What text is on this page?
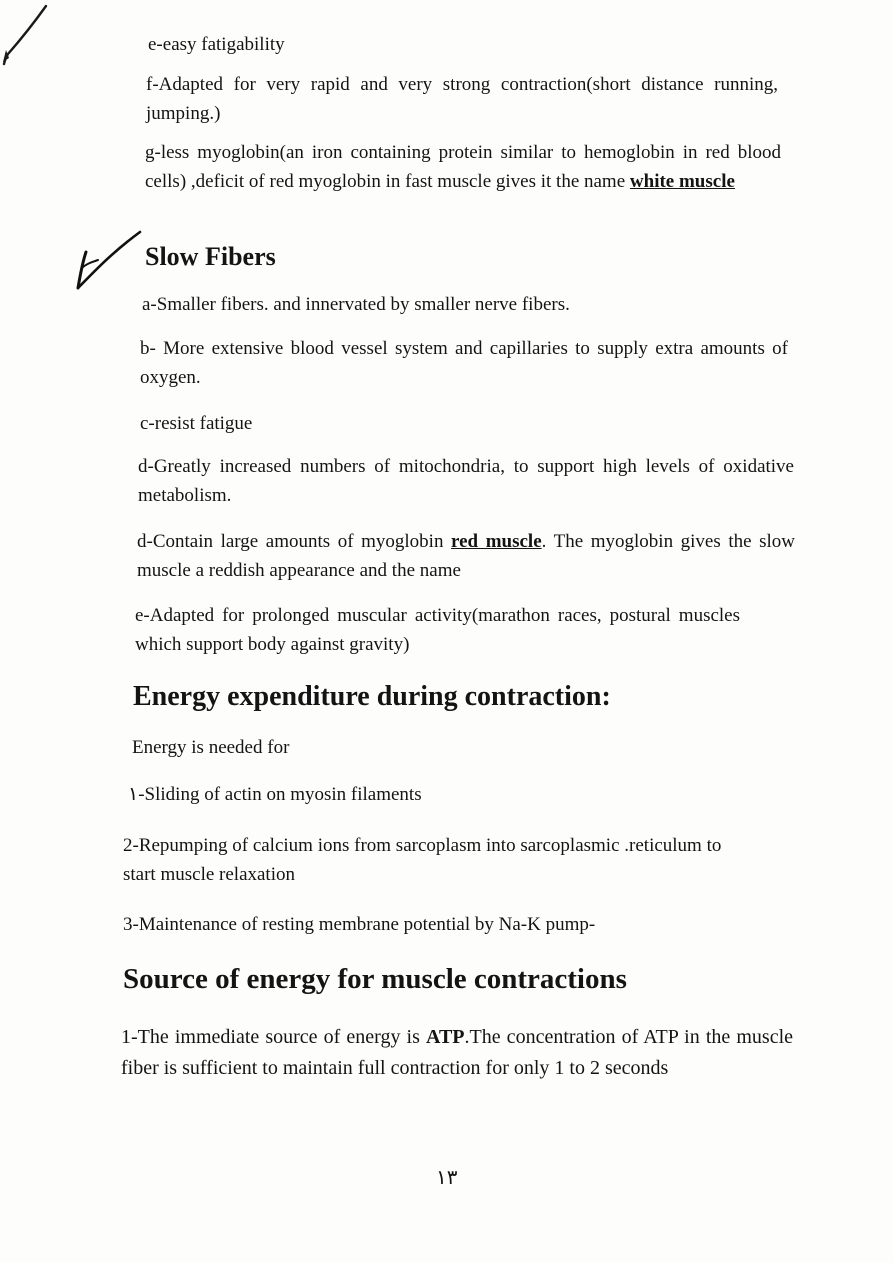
e-easy fatigability
f-Adapted for very rapid and very strong contraction(short distance running, jumping.)
g-less myoglobin(an iron containing protein similar to hemoglobin in red blood cells) ,deficit of red myoglobin in fast muscle gives it the name white muscle
Slow Fibers
a-Smaller fibers. and innervated by smaller nerve fibers.
b- More extensive blood vessel system and capillaries to supply extra amounts of oxygen.
c-resist fatigue
d-Greatly increased numbers of mitochondria, to support high levels of oxidative metabolism.
d-Contain large amounts of myoglobin red muscle. The myoglobin gives the slow muscle a reddish appearance and the name
e-Adapted for prolonged muscular activity(marathon races, postural muscles which support body against gravity)
Energy expenditure during contraction:
Energy is needed for
١-Sliding of actin on myosin filaments
2-Repumping of calcium ions from sarcoplasm into sarcoplasmic .reticulum to start muscle relaxation
3-Maintenance of resting membrane potential by Na-K pump-
Source of energy for muscle contractions
1-The immediate source of energy is ATP.The concentration of ATP in the muscle fiber is sufficient to maintain full contraction for only 1 to 2 seconds
١٣
